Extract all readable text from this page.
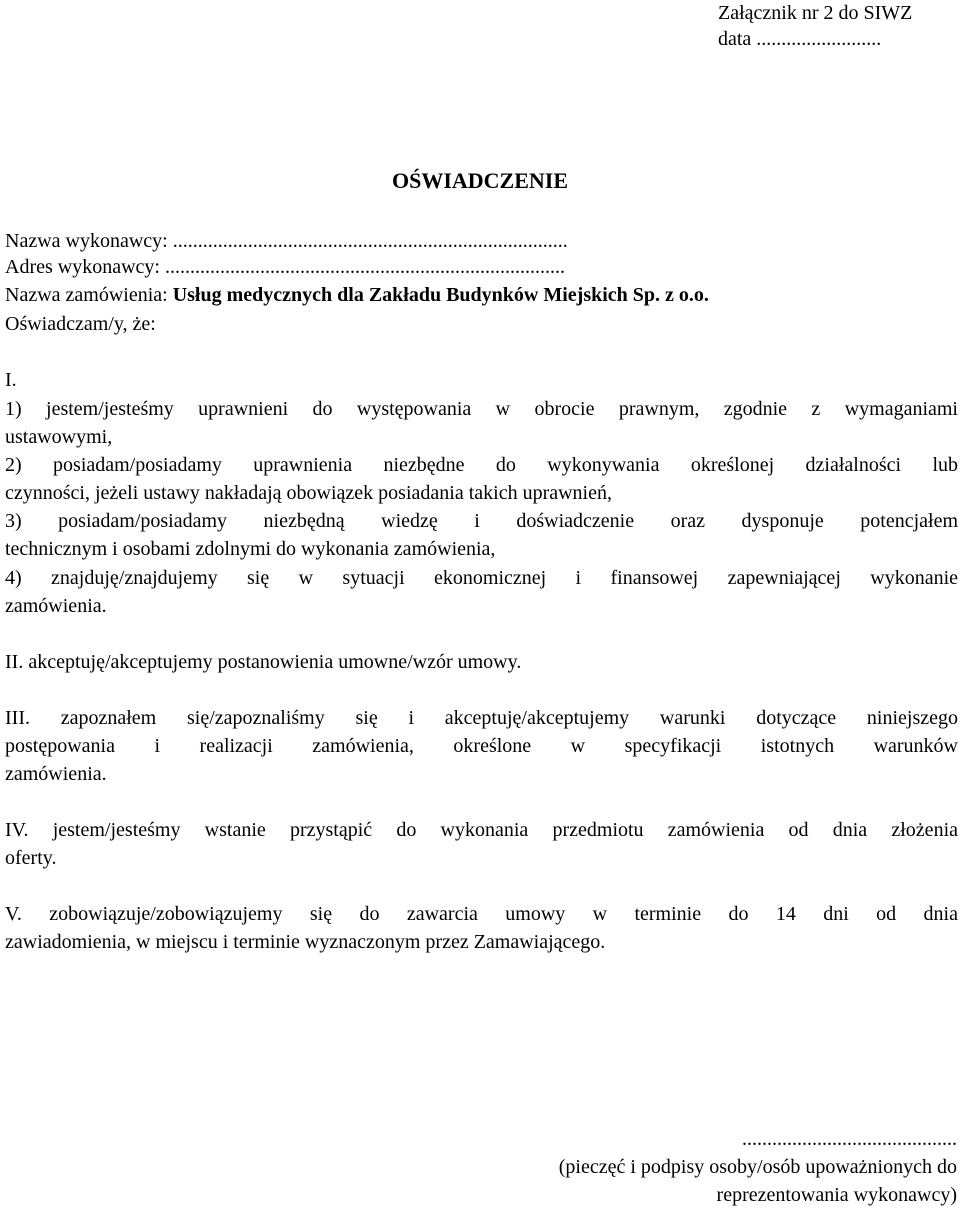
Załącznik nr 2 do SIWZ
data .........................
OŚWIADCZENIE
Nazwa wykonawcy: ...............................................................................
Adres wykonawcy: ................................................................................
Nazwa zamówienia: Usług medycznych dla Zakładu Budynków Miejskich Sp. z o.o.
Oświadczam/y, że:
I.
1) jestem/jesteśmy uprawnieni do występowania w obrocie prawnym, zgodnie z wymaganiami
ustawowymi,
2) posiadam/posiadamy uprawnienia niezbędne do wykonywania określonej działalności lub
czynności, jeżeli ustawy nakładają obowiązek posiadania takich uprawnień,
3) posiadam/posiadamy niezbędną wiedzę i doświadczenie oraz dysponuje potencjałem
technicznym i osobami zdolnymi do wykonania zamówienia,
4) znajduję/znajdujemy się w sytuacji ekonomicznej i finansowej zapewniającej wykonanie
zamówienia.
II. akceptuję/akceptujemy postanowienia umowne/wzór umowy.
III. zapoznałem się/zapoznaliśmy się i akceptuję/akceptujemy warunki dotyczące niniejszego
postępowania i realizacji zamówienia, określone w specyfikacji istotnych warunków
zamówienia.
IV. jestem/jesteśmy wstanie przystąpić do wykonania przedmiotu zamówienia od dnia złożenia
oferty.
V. zobowiązuje/zobowiązujemy się do zawarcia umowy w terminie do 14 dni od dnia
zawiadomienia, w miejscu i terminie wyznaczonym przez Zamawiającego.
...........................................
(pieczęć i podpisy osoby/osób upoważnionych do
reprezentowania wykonawcy)
